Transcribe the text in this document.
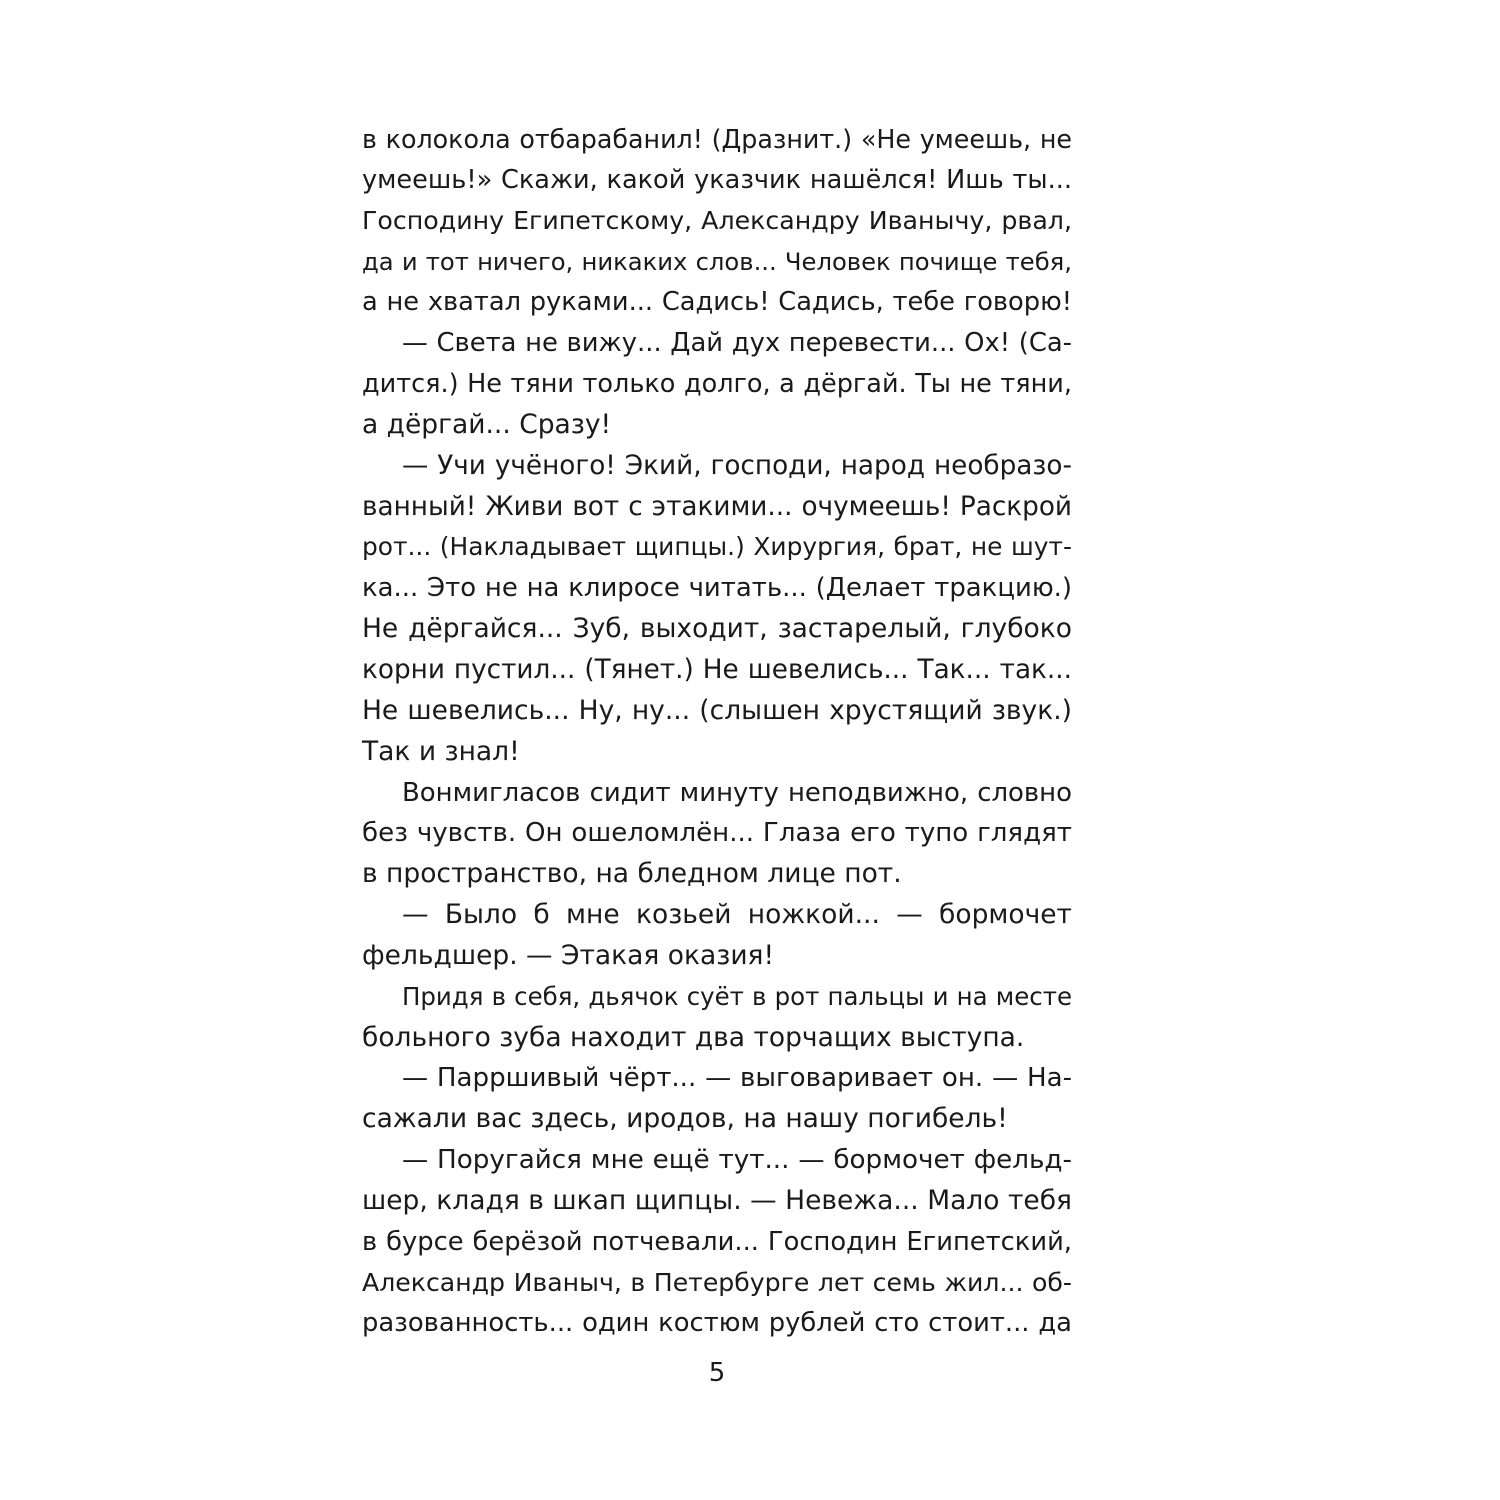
в колокола отбарабанил! (Дразнит.) «Не умеешь, не
умеешь!» Скажи, какой указчик нашёлся! Ишь ты...
Господину Египетскому, Александру Иванычу, рвал,
да и тот ничего, никаких слов... Человек почище тебя,
а не хватал руками... Садись! Садись, тебе говорю!
— Света не вижу... Дай дух перевести... Ох! (Са-
дится.) Не тяни только долго, а дёргай. Ты не тяни,
а дёргай... Сразу!
— Учи учёного! Экий, господи, народ необразо-
ванный! Живи вот с этакими... очумеешь! Раскрой
рот... (Накладывает щипцы.) Хирургия, брат, не шут-
ка... Это не на клиросе читать... (Делает тракцию.)
Не дёргайся... Зуб, выходит, застарелый, глубоко
корни пустил... (Тянет.) Не шевелись... Так... так...
Не шевелись... Ну, ну... (слышен хрустящий звук.)
Так и знал!
Вонмигласов сидит минуту неподвижно, словно
без чувств. Он ошеломлён... Глаза его тупо глядят
в пространство, на бледном лице пот.
— Было б мне козьей ножкой... — бормочет
фельдшер. — Этакая оказия!
Придя в себя, дьячок суёт в рот пальцы и на месте
больного зуба находит два торчащих выступа.
— Парршивый чёрт... — выговаривает он. — На-
сажали вас здесь, иродов, на нашу погибель!
— Поругайся мне ещё тут... — бормочет фельд-
шер, кладя в шкап щипцы. — Невежа... Мало тебя
в бурсе берёзой потчевали... Господин Египетский,
Александр Иваныч, в Петербурге лет семь жил... об-
разованность... один костюм рублей сто стоит... да
5
